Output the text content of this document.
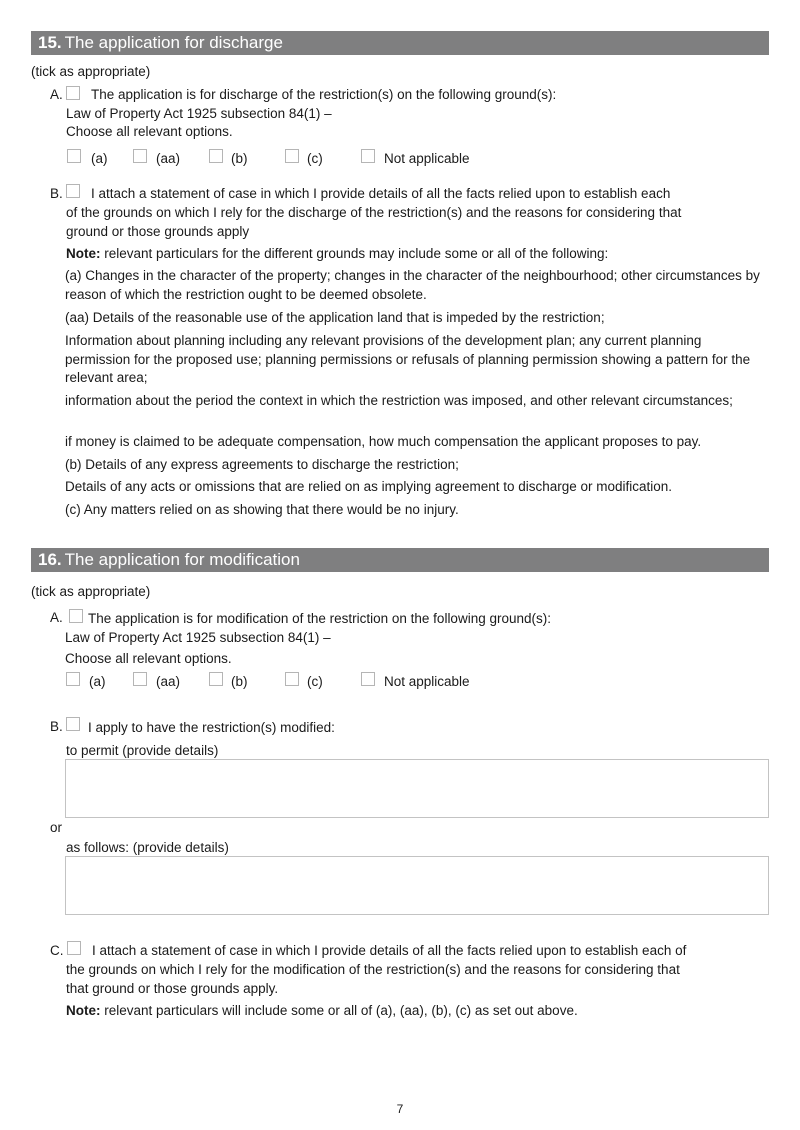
15. The application for discharge
(tick as appropriate)
A. The application is for discharge of the restriction(s) on the following ground(s):
Law of Property Act 1925 subsection 84(1) –
Choose all relevant options.
(a)	(aa)	(b)	(c)	Not applicable
B. I attach a statement of case in which I provide details of all the facts relied upon to establish each
of the grounds on which I rely for the discharge of the restriction(s) and the reasons for considering that
ground or those grounds apply
Note: relevant particulars for the different grounds may include some or all of the following:
(a) Changes in the character of the property; changes in the character of the neighbourhood; other circumstances by reason of which the restriction ought to be deemed obsolete.
(aa) Details of the reasonable use of the application land that is impeded by the restriction;
Information about planning including any relevant provisions of the development plan; any current planning permission for the proposed use; planning permissions or refusals of planning permission showing a pattern for the relevant area;
information about the period the context in which the restriction was imposed, and other relevant circumstances;
if money is claimed to be adequate compensation, how much compensation the applicant proposes to pay.
(b) Details of any express agreements to discharge the restriction;
Details of any acts or omissions that are relied on as implying agreement to discharge or modification.
(c) Any matters relied on as showing that there would be no injury.
16. The application for modification
(tick as appropriate)
A. The application is for modification of the restriction on the following ground(s):
Law of Property Act 1925 subsection 84(1) –
Choose all relevant options.
(a)	(aa)	(b)	(c)	Not applicable
B. I apply to have the restriction(s) modified:
to permit (provide details)
or
as follows: (provide details)
C. I attach a statement of case in which I provide details of all the facts relied upon to establish each of
the grounds on which I rely for the modification of the restriction(s) and the reasons for considering that
that ground or those grounds apply.
Note: relevant particulars will include some or all of (a), (aa), (b), (c) as set out above.
7
